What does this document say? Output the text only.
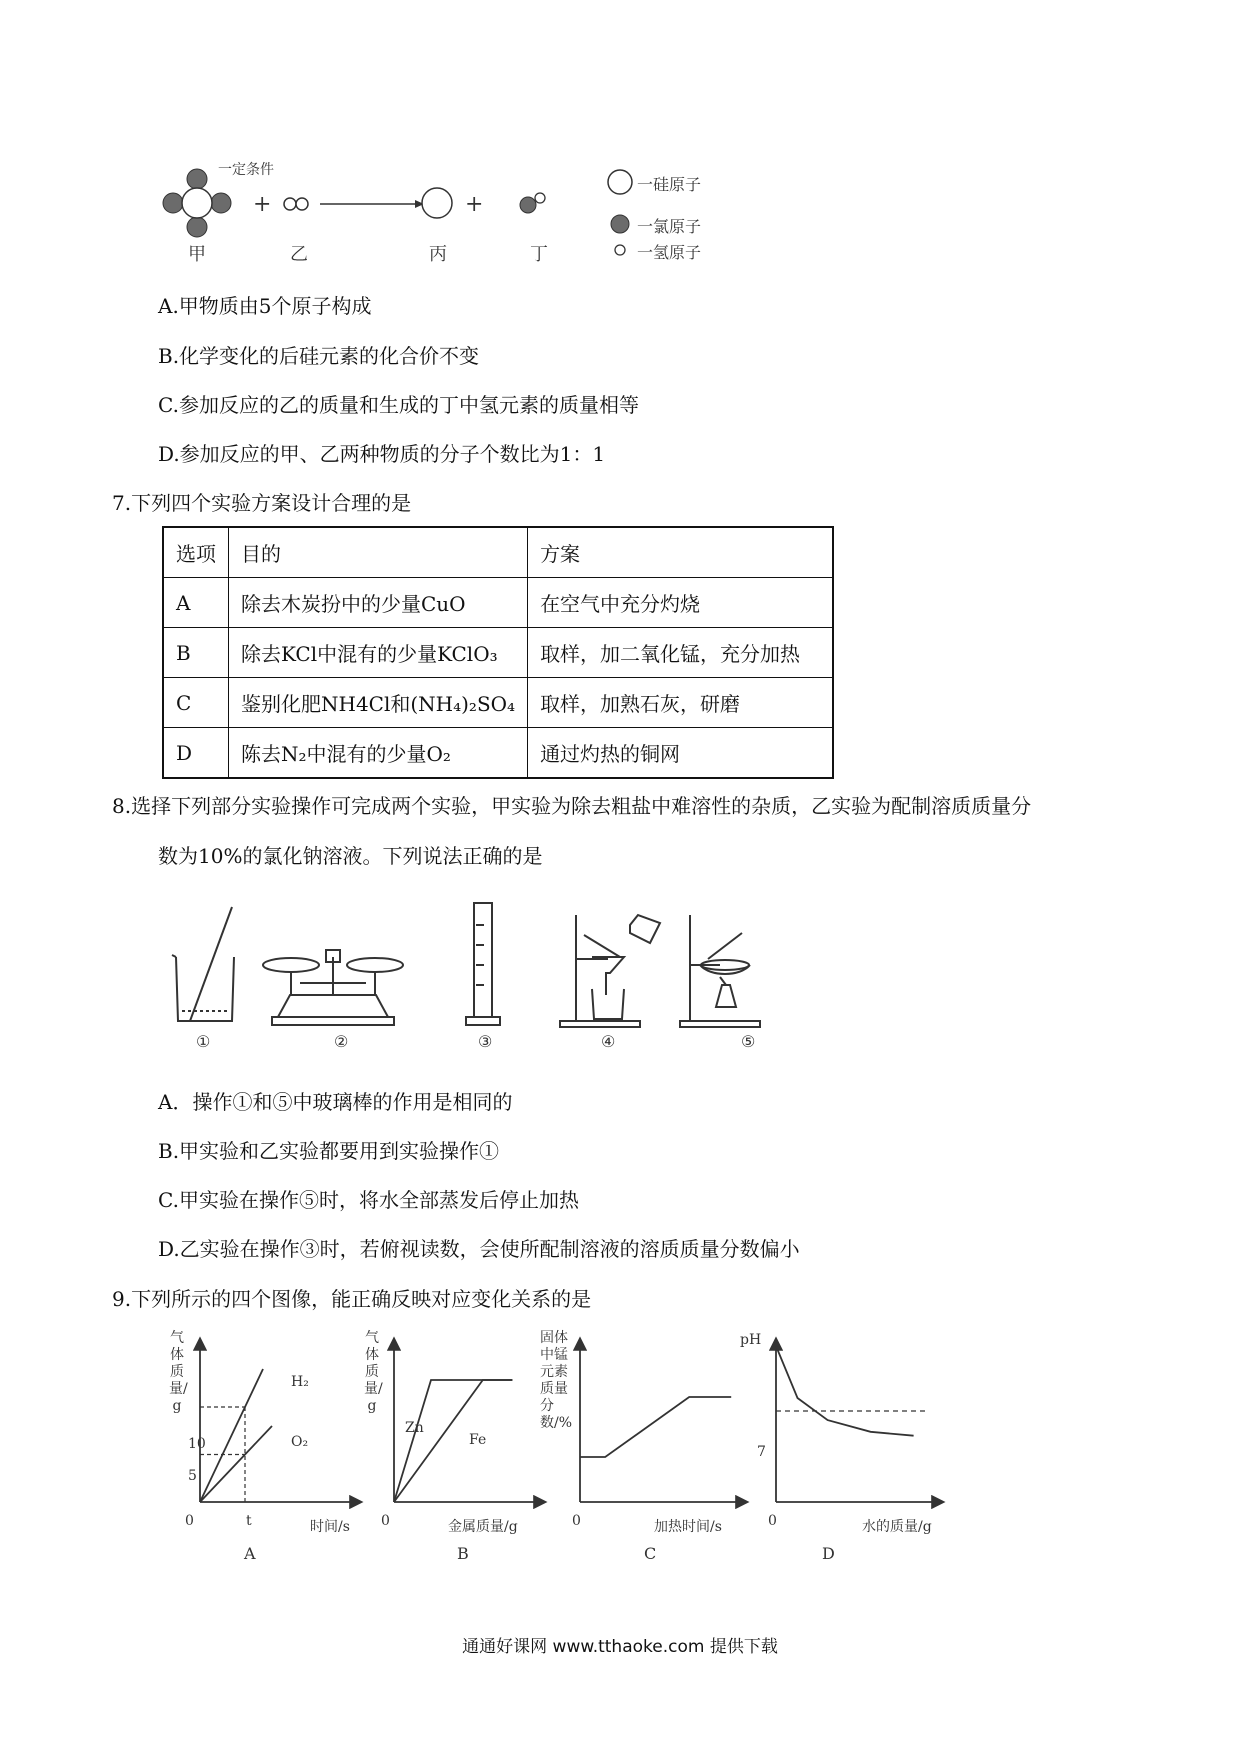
+	+
一定条件
甲	乙	丙	丁
一硅原子
一氯原子
一氢原子
A.甲物质由5个原子构成
B.化学变化的后硅元素的化合价不变
C.参加反应的乙的质量和生成的丁中氢元素的质量相等
D.参加反应的甲、乙两种物质的分子个数比为1：1
7.下列四个实验方案设计合理的是
选项	目的	方案
A	除去木炭扮中的少量CuO	在空气中充分灼烧
B	除去KCl中混有的少量KClO₃	取样，加二氧化锰，充分加热
C	鉴别化肥NH4Cl和(NH₄)₂SO₄	取样，加熟石灰，研磨
D	陈去N₂中混有的少量O₂	通过灼热的铜网
8.选择下列部分实验操作可完成两个实验，甲实验为除去粗盐中难溶性的杂质，乙实验为配制溶质质量分
数为10%的氯化钠溶液。下列说法正确的是
①	②	③	④	⑤
A．操作①和⑤中玻璃棒的作用是相同的
B.甲实验和乙实验都要用到实验操作①
C.甲实验在操作⑤时，将水全部蒸发后停止加热
D.乙实验在操作③时，若俯视读数，会使所配制溶液的溶质质量分数偏小
9.下列所示的四个图像，能正确反映对应变化关系的是
气体质量/g
0	t
10
5
H₂
O₂
时间/s
A
气体质量/g
0
Zn
Fe
金属质量/g
B
固体中锰元素质量分数/%
0	加热时间/s
C
pH
0
7
水的质量/g
D
通通好课网 www.tthaoke.com 提供下载
